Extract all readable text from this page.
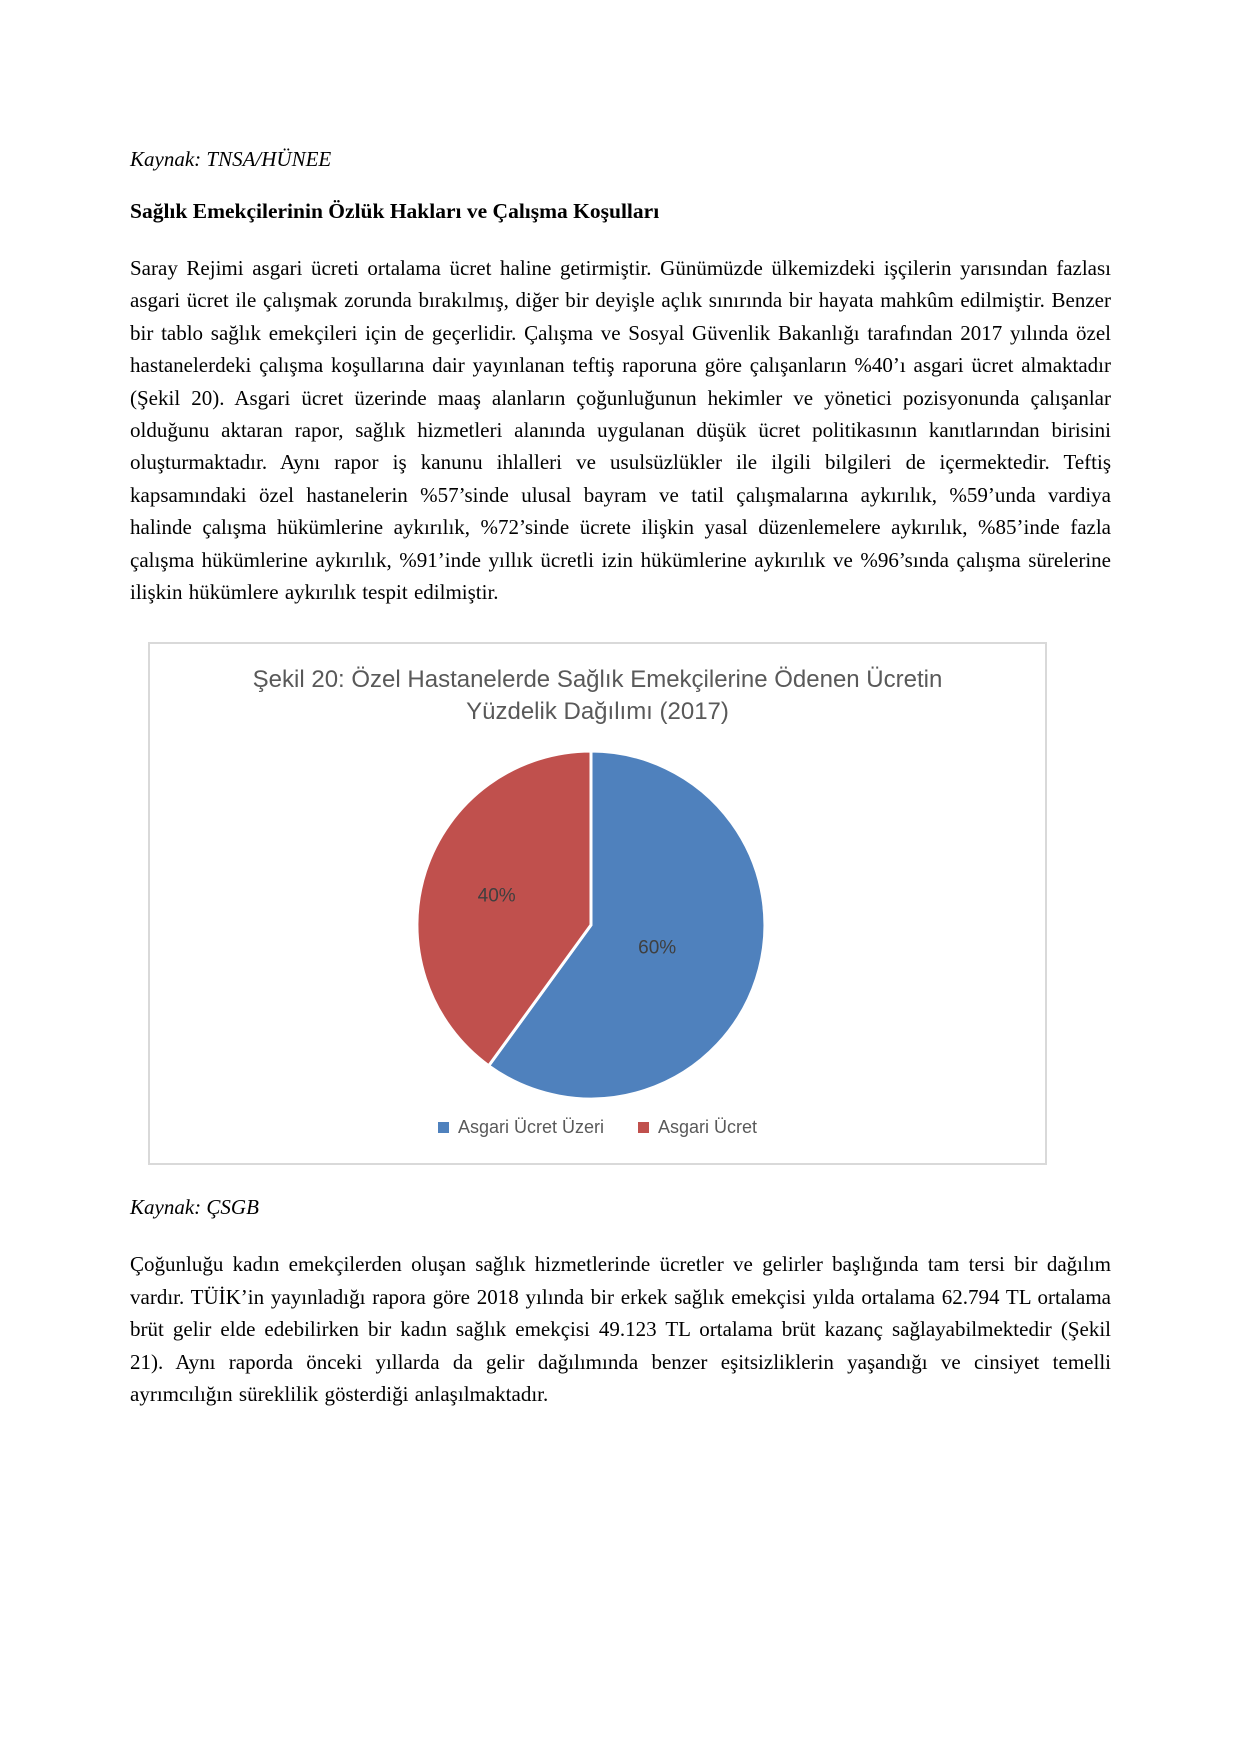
Kaynak: TNSA/HÜNEE

Sağlık Emekçilerinin Özlük Hakları ve Çalışma Koşulları

Saray Rejimi asgari ücreti ortalama ücret haline getirmiştir. Günümüzde ülkemizdeki işçilerin yarısından fazlası asgari ücret ile çalışmak zorunda bırakılmış, diğer bir deyişle açlık sınırında bir hayata mahkûm edilmiştir. Benzer bir tablo sağlık emekçileri için de geçerlidir. Çalışma ve Sosyal Güvenlik Bakanlığı tarafından 2017 yılında özel hastanelerdeki çalışma koşullarına dair yayınlanan teftiş raporuna göre çalışanların %40’ı asgari ücret almaktadır (Şekil 20). Asgari ücret üzerinde maaş alanların çoğunluğunun hekimler ve yönetici pozisyonunda çalışanlar olduğunu aktaran rapor, sağlık hizmetleri alanında uygulanan düşük ücret politikasının kanıtlarından birisini oluşturmaktadır. Aynı rapor iş kanunu ihlalleri ve usulsüzlükler ile ilgili bilgileri de içermektedir. Teftiş kapsamındaki özel hastanelerin %57’sinde ulusal bayram ve tatil çalışmalarına aykırılık, %59’unda vardiya halinde çalışma hükümlerine aykırılık, %72’sinde ücrete ilişkin yasal düzenlemelere aykırılık, %85’inde fazla çalışma hükümlerine aykırılık, %91’inde yıllık ücretli izin hükümlerine aykırılık ve %96’sında çalışma sürelerine ilişkin hükümlere aykırılık tespit edilmiştir.

Şekil 20: Özel Hastanelerde Sağlık Emekçilerine Ödenen Ücretin Yüzdelik Dağılımı (2017)
60%
40%
Asgari Ücret Üzeri	Asgari Ücret

Kaynak: ÇSGB

Çoğunluğu kadın emekçilerden oluşan sağlık hizmetlerinde ücretler ve gelirler başlığında tam tersi bir dağılım vardır. TÜİK’in yayınladığı rapora göre 2018 yılında bir erkek sağlık emekçisi yılda ortalama 62.794 TL ortalama brüt gelir elde edebilirken bir kadın sağlık emekçisi 49.123 TL ortalama brüt kazanç sağlayabilmektedir (Şekil 21). Aynı raporda önceki yıllarda da gelir dağılımında benzer eşitsizliklerin yaşandığı ve cinsiyet temelli ayrımcılığın süreklilik gösterdiği anlaşılmaktadır.
